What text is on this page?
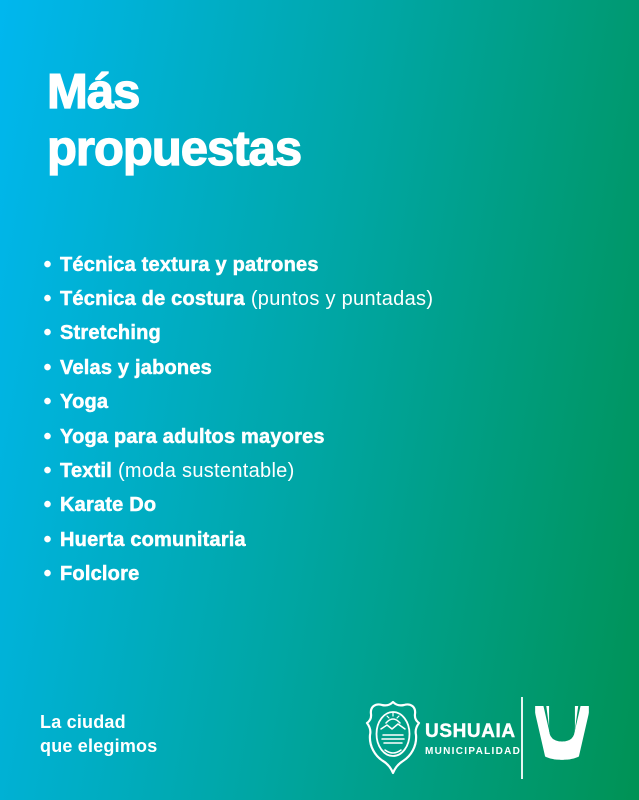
Más
propuestas
• Técnica textura y patrones
• Técnica de costura (puntos y puntadas)
• Stretching
• Velas y jabones
• Yoga
• Yoga para adultos mayores
• Textil (moda sustentable)
• Karate Do
• Huerta comunitaria
• Folclore
La ciudad
que elegimos
USHUAIA
MUNICIPALIDAD
